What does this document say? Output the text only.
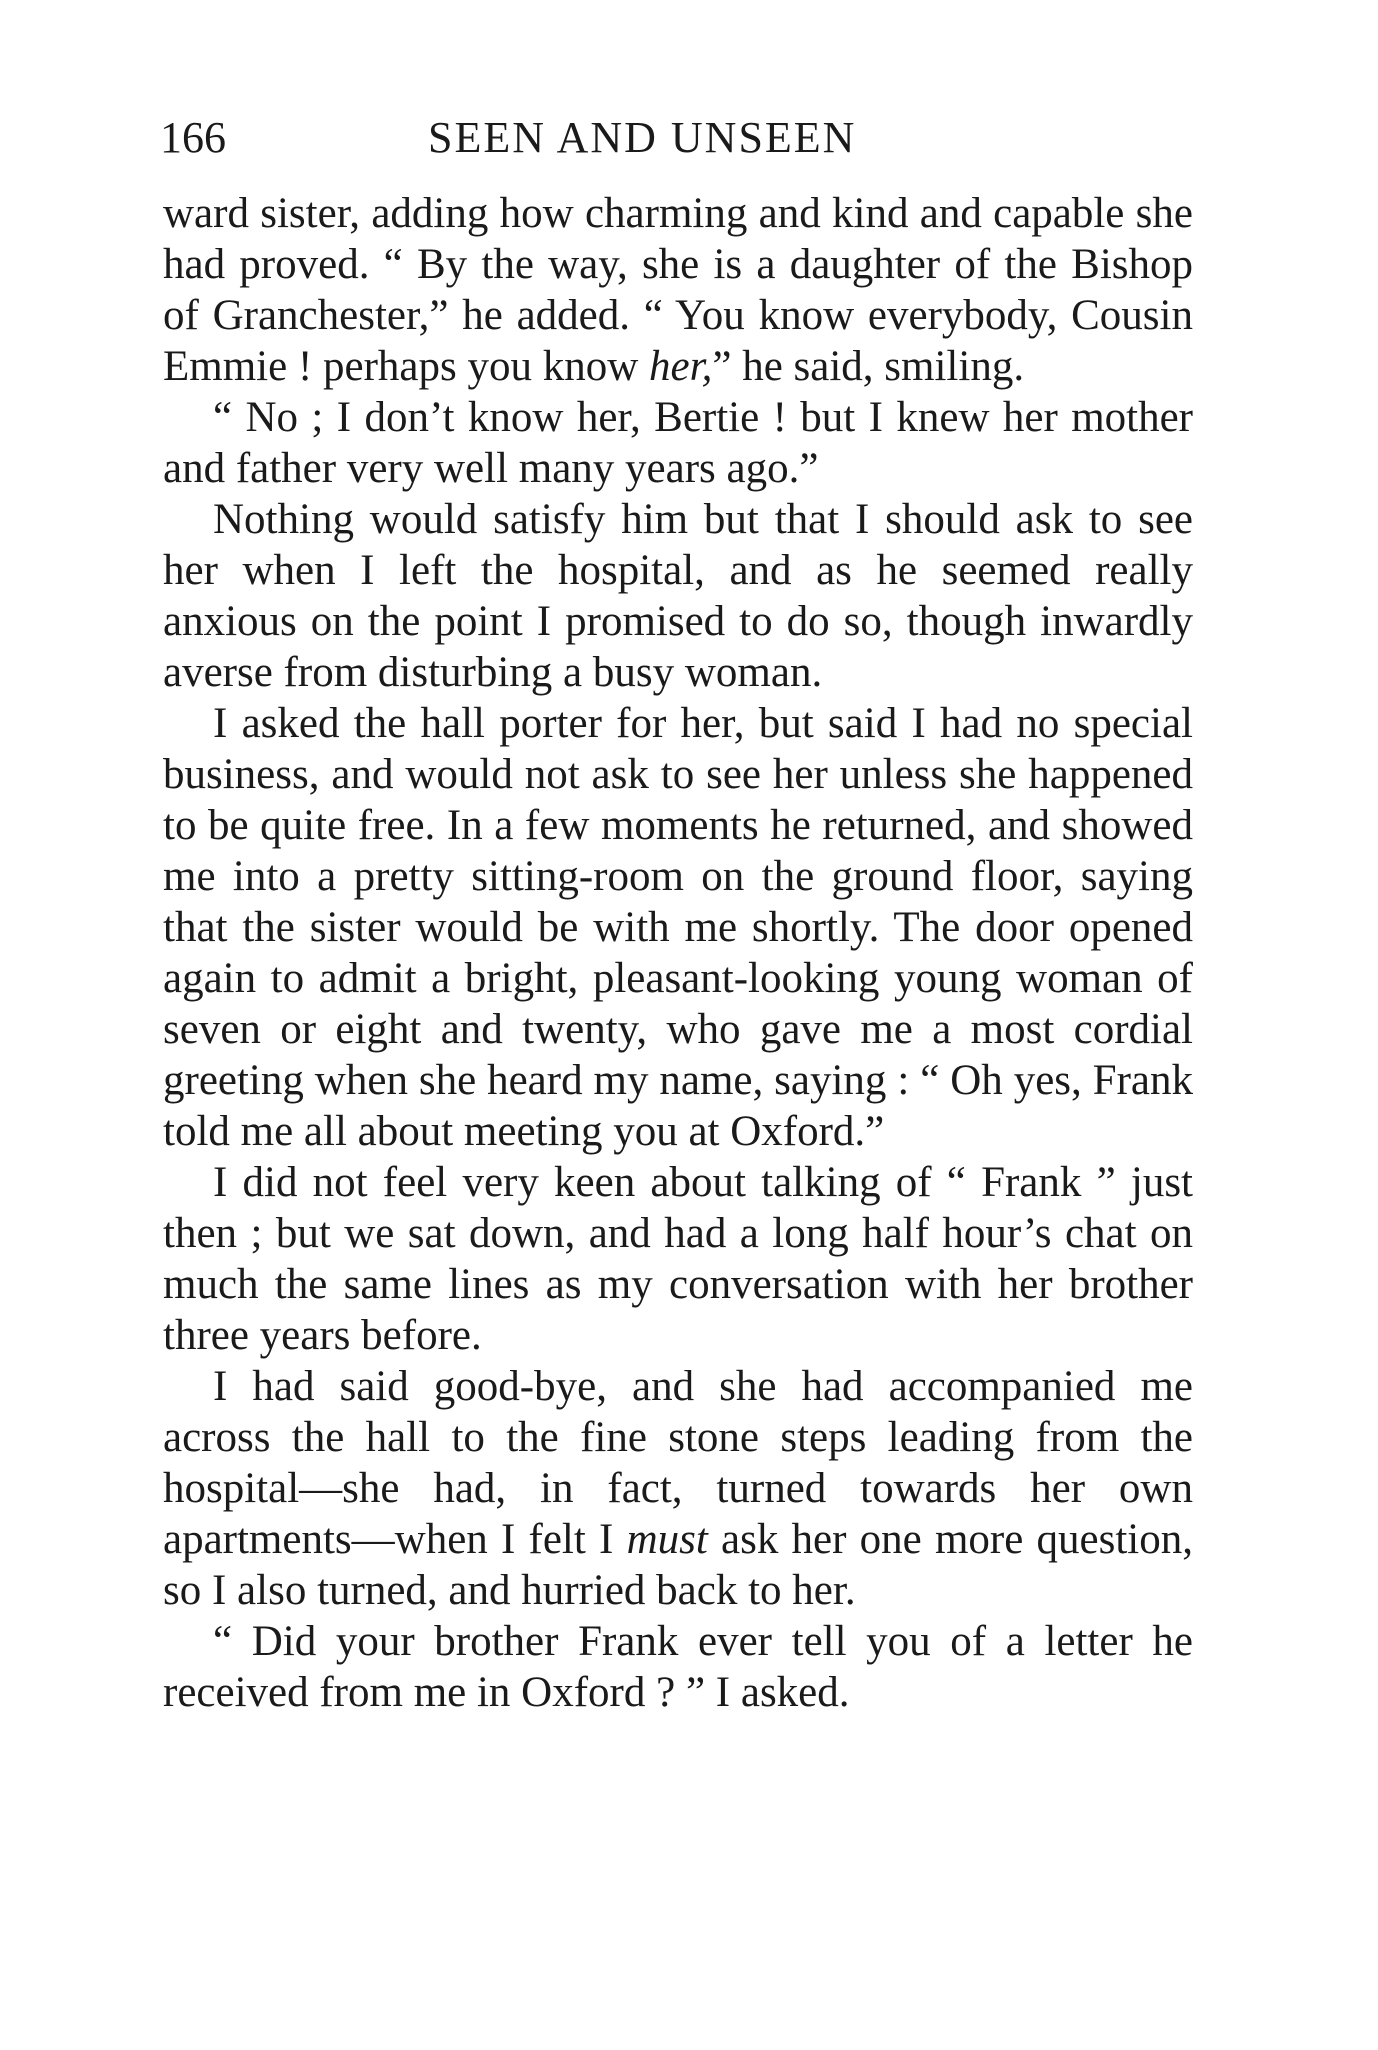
166	SEEN AND UNSEEN

ward sister, adding how charming and kind and capable she had proved. “ By the way, she is a daughter of the Bishop of Granchester,” he added. “ You know everybody, Cousin Emmie ! perhaps you know her,” he said, smiling.

“ No ; I don’t know her, Bertie ! but I knew her mother and father very well many years ago.”

Nothing would satisfy him but that I should ask to see her when I left the hospital, and as he seemed really anxious on the point I promised to do so, though inwardly averse from disturbing a busy woman.

I asked the hall porter for her, but said I had no special business, and would not ask to see her unless she happened to be quite free. In a few moments he returned, and showed me into a pretty sitting-room on the ground floor, saying that the sister would be with me shortly. The door opened again to admit a bright, pleasant-looking young woman of seven or eight and twenty, who gave me a most cordial greeting when she heard my name, saying : “ Oh yes, Frank told me all about meeting you at Oxford.”

I did not feel very keen about talking of “ Frank ” just then ; but we sat down, and had a long half hour’s chat on much the same lines as my conversation with her brother three years before.

I had said good-bye, and she had accompanied me across the hall to the fine stone steps leading from the hospital—she had, in fact, turned towards her own apartments—when I felt I must ask her one more question, so I also turned, and hurried back to her.

“ Did your brother Frank ever tell you of a letter he received from me in Oxford ? ” I asked.
